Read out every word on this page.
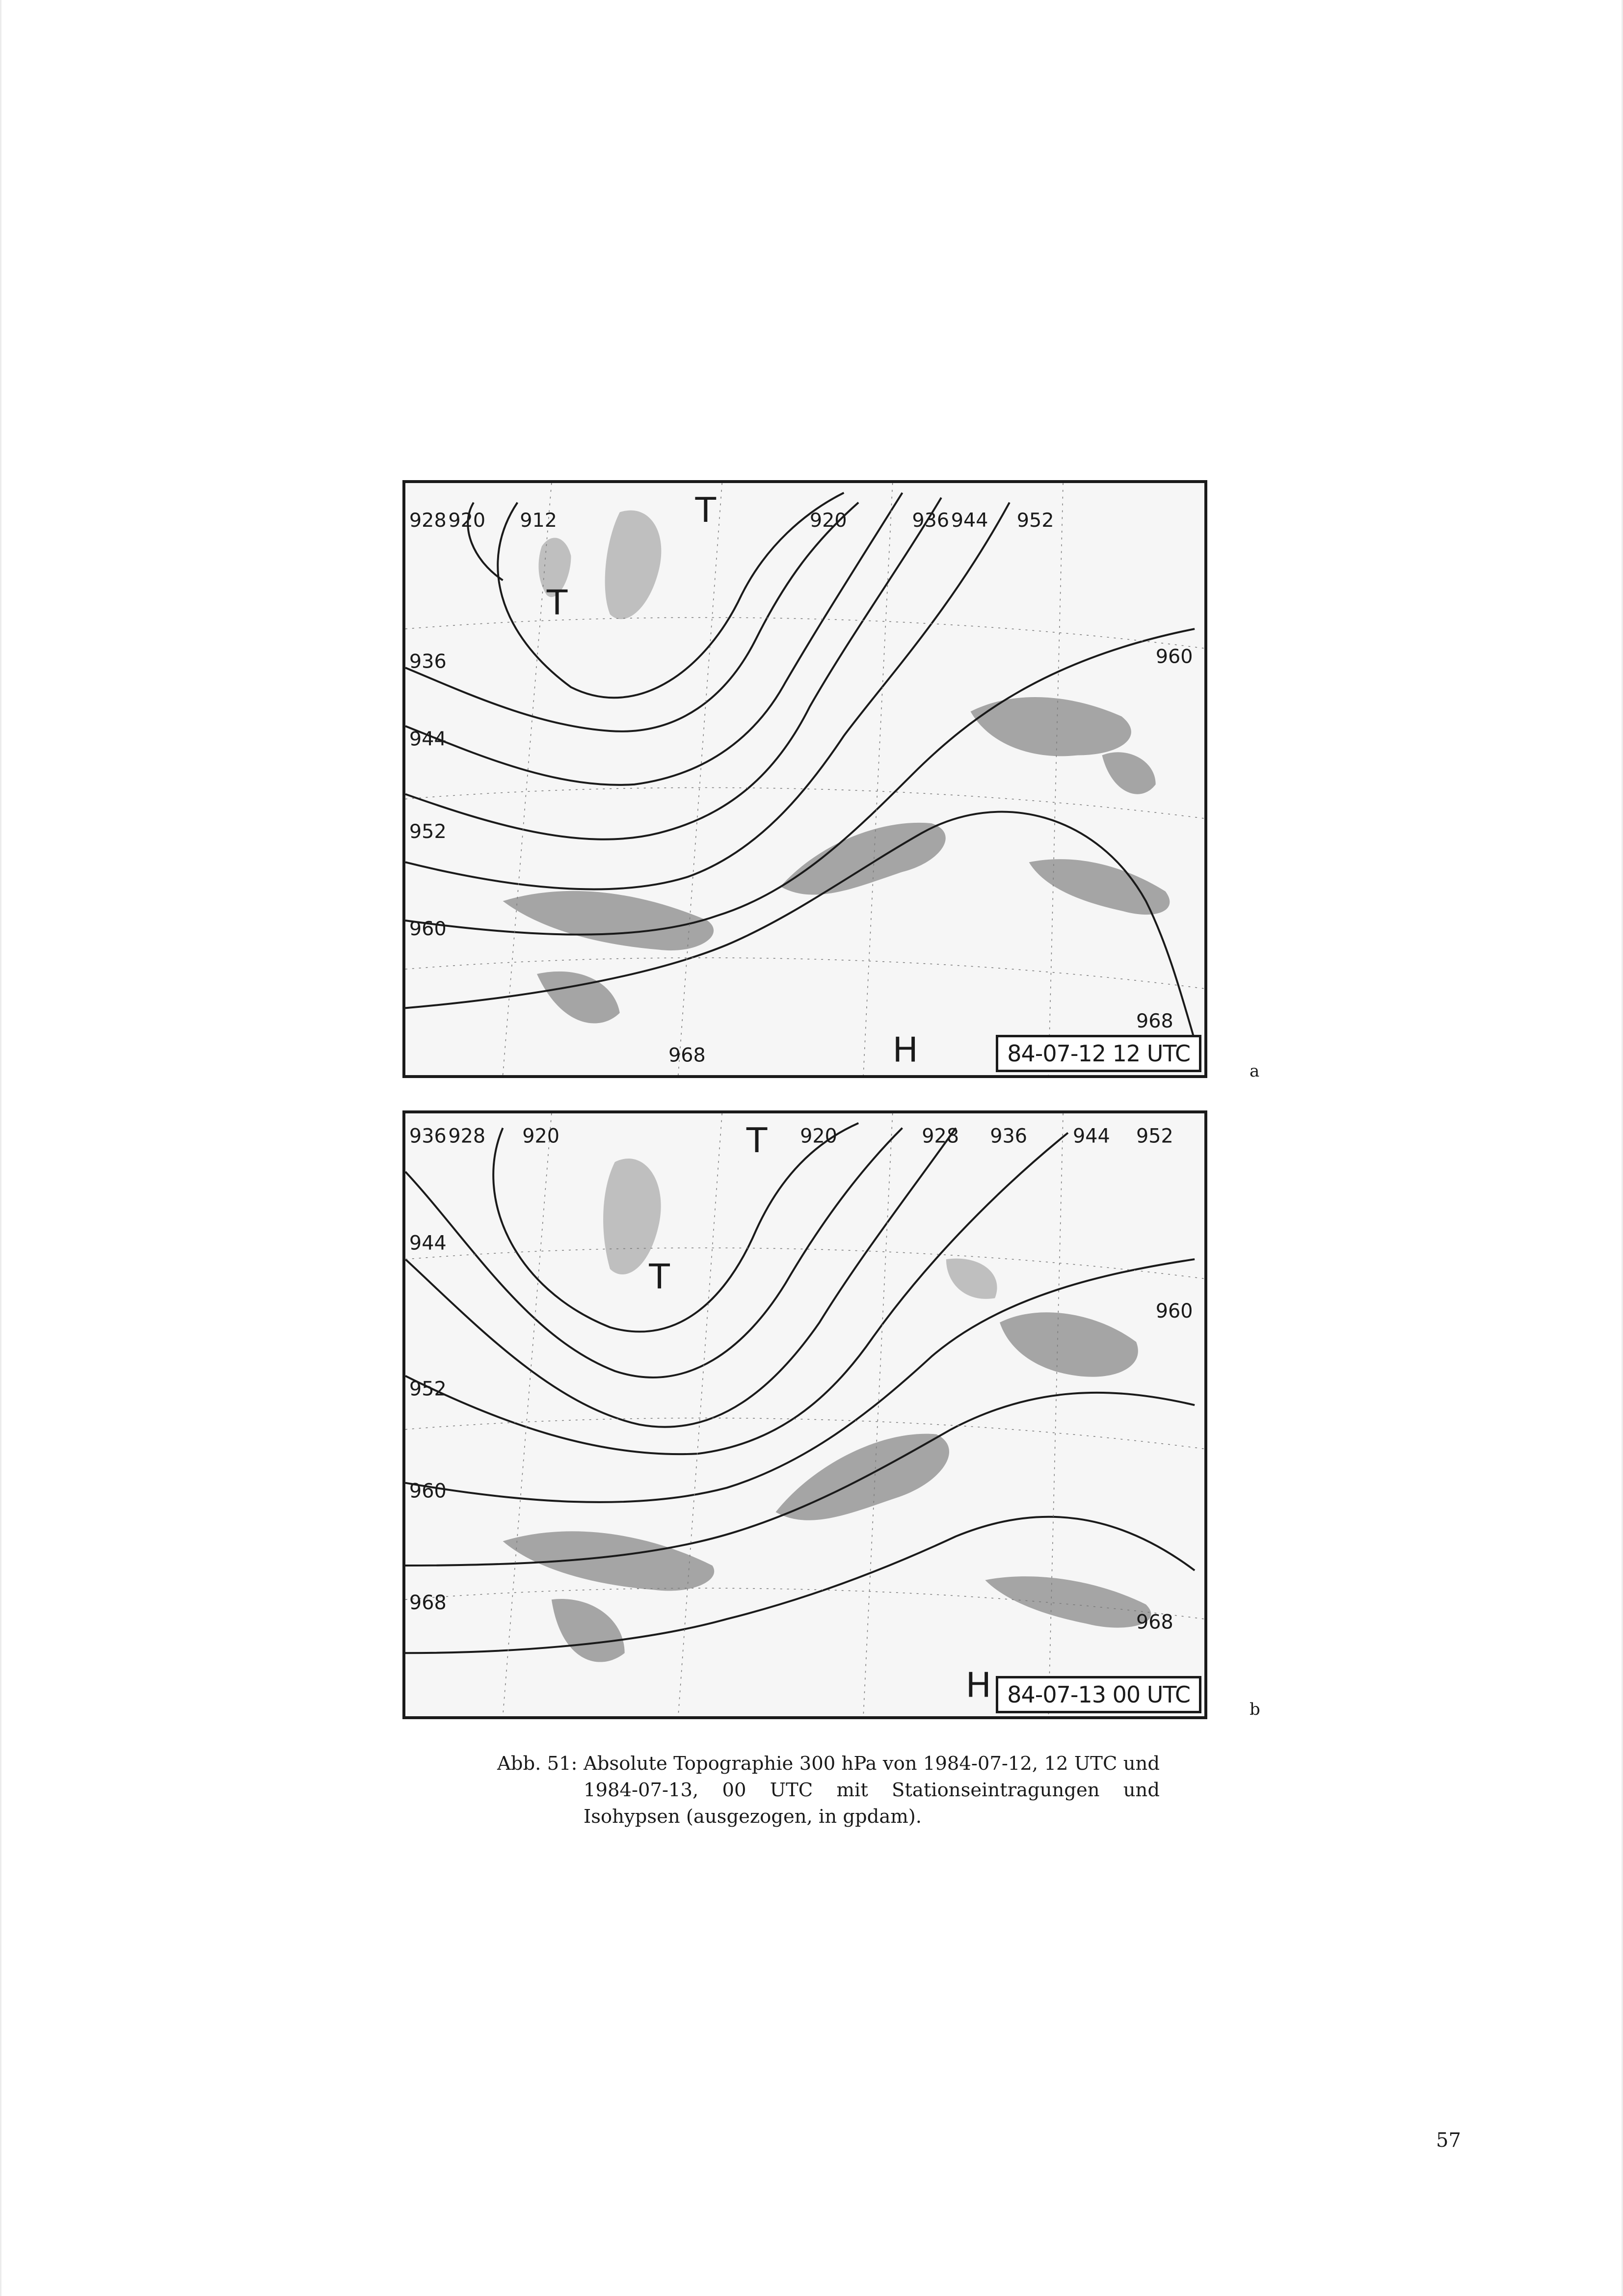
928 920 912	920	936 944 952
936
944
952
960
960
968
968
T
T
H	84-07-12 12 UTC
a
936 928 920	920	928 936 944 952
944
952
960
968
960
968
T
T
H 84-07-13 00 UTC
b
Abb. 51: Absolute Topographie 300 hPa von 1984-07-12, 12 UTC und 1984-07-13, 00 UTC mit Stationseintragungen und Isohypsen (ausgezogen, in gpdam).
57
